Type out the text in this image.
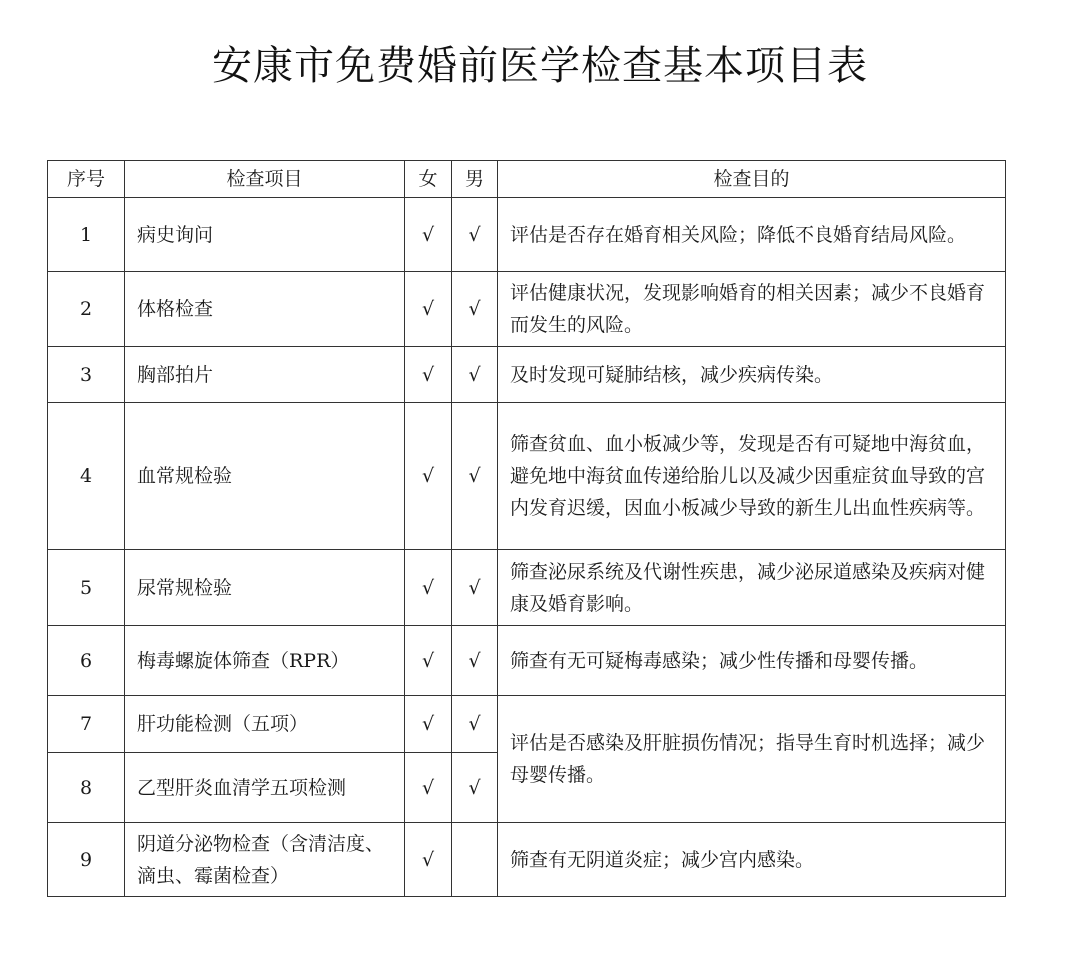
安康市免费婚前医学检查基本项目表
序号	检查项目	女	男	检查目的
1	病史询问	√	√	评估是否存在婚育相关风险；降低不良婚育结局风险。
2	体格检查	√	√	评估健康状况，发现影响婚育的相关因素；减少不良婚育而发生的风险。
3	胸部拍片	√	√	及时发现可疑肺结核，减少疾病传染。
4	血常规检验	√	√	筛查贫血、血小板减少等，发现是否有可疑地中海贫血，避免地中海贫血传递给胎儿以及减少因重症贫血导致的宫内发育迟缓，因血小板减少导致的新生儿出血性疾病等。
5	尿常规检验	√	√	筛查泌尿系统及代谢性疾患，减少泌尿道感染及疾病对健康及婚育影响。
6	梅毒螺旋体筛查（RPR）	√	√	筛查有无可疑梅毒感染；减少性传播和母婴传播。
7	肝功能检测（五项）	√	√	评估是否感染及肝脏损伤情况；指导生育时机选择；减少母婴传播。
8	乙型肝炎血清学五项检测	√	√	
9	阴道分泌物检查（含清洁度、滴虫、霉菌检查）	√		筛查有无阴道炎症；减少宫内感染。
